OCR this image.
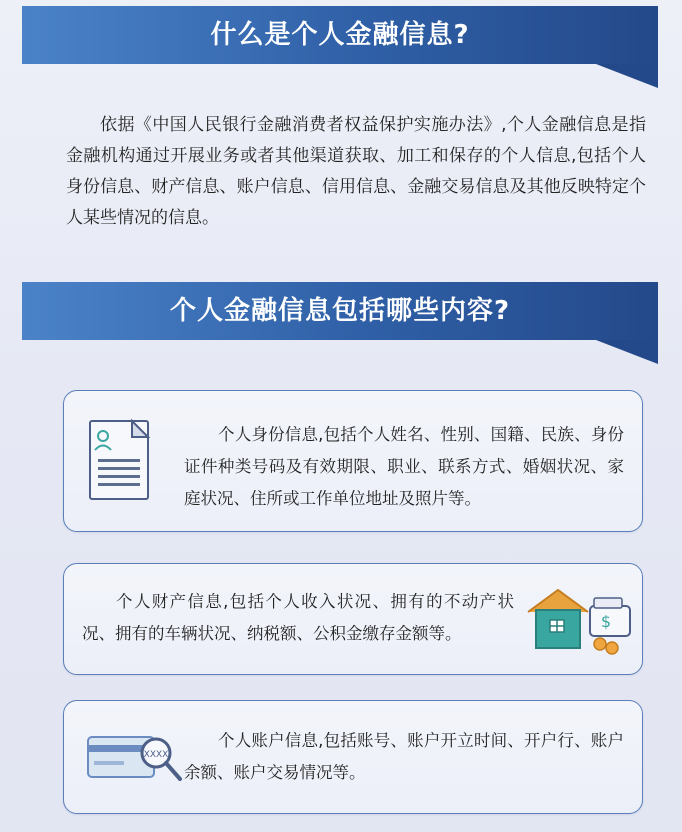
什么是个人金融信息?
依据《中国人民银行金融消费者权益保护实施办法》,个人金融信息是指金融机构通过开展业务或者其他渠道获取、加工和保存的个人信息,包括个人身份信息、财产信息、账户信息、信用信息、金融交易信息及其他反映特定个人某些情况的信息。
个人金融信息包括哪些内容?
个人身份信息,包括个人姓名、性别、国籍、民族、身份证件种类号码及有效期限、职业、联系方式、婚姻状况、家庭状况、住所或工作单位地址及照片等。
个人财产信息,包括个人收入状况、拥有的不动产状况、拥有的车辆状况、纳税额、公积金缴存金额等。
$
XXXX
个人账户信息,包括账号、账户开立时间、开户行、账户余额、账户交易情况等。
